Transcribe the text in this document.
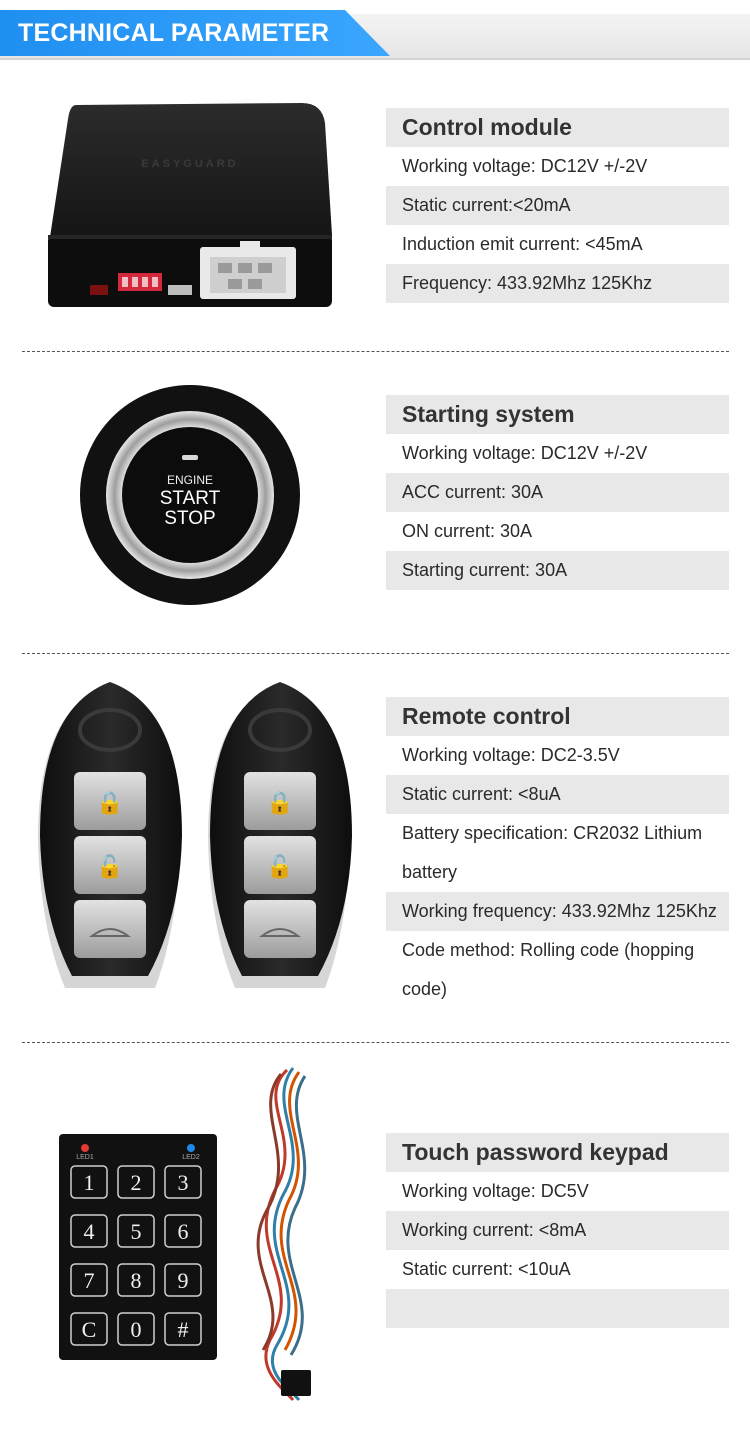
TECHNICAL PARAMETER
EASYGUARD
Control module
Working voltage: DC12V +/-2V
Static current:<20mA
Induction emit current: <45mA
Frequency: 433.92Mhz 125Khz
ENGINE
START
STOP
Starting system
Working voltage: DC12V +/-2V
ACC current: 30A
ON current: 30A
Starting current: 30A
🔒
🔓
🔒
🔓
Remote control
Working voltage: DC2-3.5V
Static current: <8uA
Battery specification: CR2032 Lithium battery
Working frequency: 433.92Mhz 125Khz
Code method: Rolling code (hopping code)
LED1	LED2
1 2 3
4 5 6
7 8 9
C 0 #
Touch password keypad
Working voltage: DC5V
Working current: <8mA
Static current: <10uA
